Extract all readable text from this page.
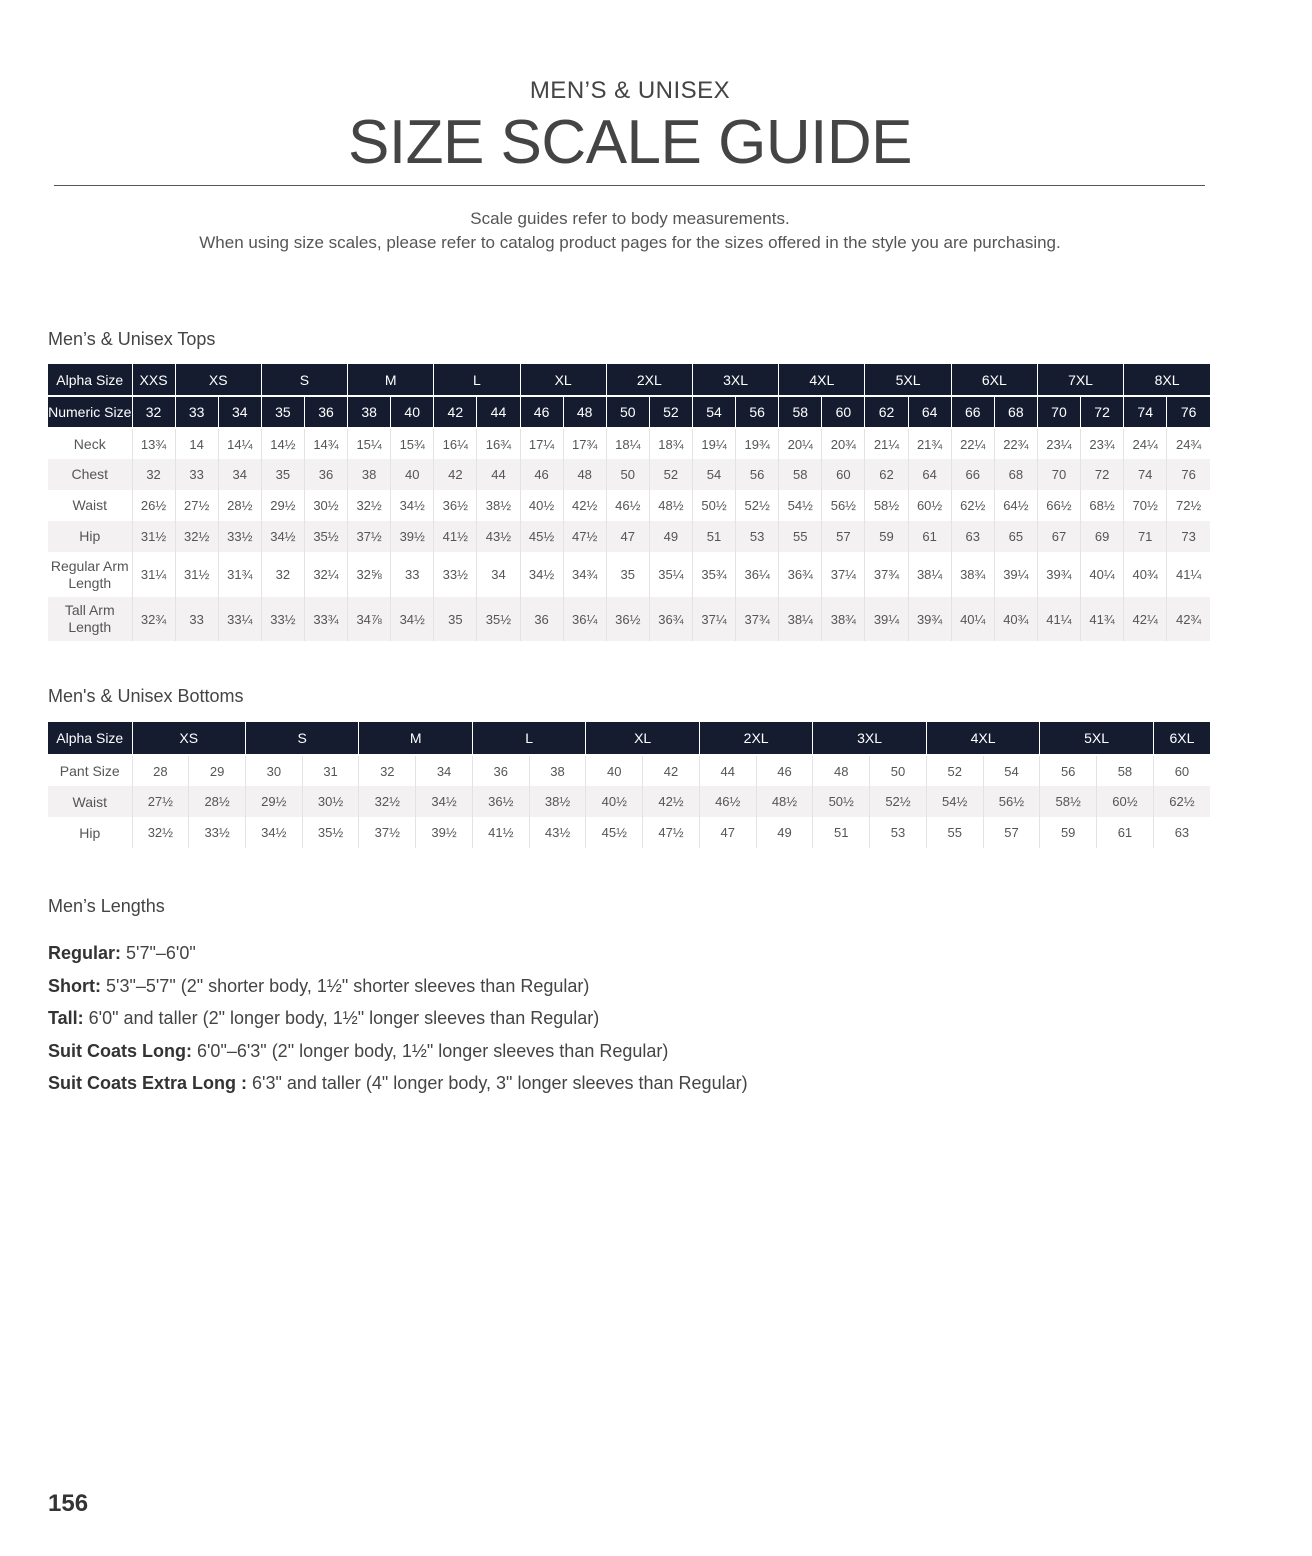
MEN’S & UNISEX
SIZE SCALE GUIDE
Scale guides refer to body measurements.
When using size scales, please refer to catalog product pages for the sizes offered in the style you are purchasing.
Men’s & Unisex Tops
Alpha Size	XXS	XS		S		M		L		XL		2XL		3XL		4XL		5XL		6XL		7XL		8XL	
Numeric Size	32	33	34	35	36	38	40	42	44	46	48	50	52	54	56	58	60	62	64	66	68	70	72	74	76
Neck	13¾	14	14¼	14½	14¾	15¼	15¾	16¼	16¾	17¼	17¾	18¼	18¾	19¼	19¾	20¼	20¾	21¼	21¾	22¼	22¾	23¼	23¾	24¼	24¾
Chest	32	33	34	35	36	38	40	42	44	46	48	50	52	54	56	58	60	62	64	66	68	70	72	74	76
Waist	26½	27½	28½	29½	30½	32½	34½	36½	38½	40½	42½	46½	48½	50½	52½	54½	56½	58½	60½	62½	64½	66½	68½	70½	72½
Hip	31½	32½	33½	34½	35½	37½	39½	41½	43½	45½	47½	47	49	51	53	55	57	59	61	63	65	67	69	71	73
Regular Arm Length	31¼	31½	31¾	32	32¼	32⅝	33	33½	34	34½	34¾	35	35¼	35¾	36¼	36¾	37¼	37¾	38¼	38¾	39¼	39¾	40¼	40¾	41¼
Tall Arm Length	32¾	33	33¼	33½	33¾	34⅞	34½	35	35½	36	36¼	36½	36¾	37¼	37¾	38¼	38¾	39¼	39¾	40¼	40¾	41¼	41¾	42¼	42¾
Men's & Unisex Bottoms
Alpha Size	XS		S		M		L		XL		2XL		3XL		4XL		5XL		6XL
Pant Size	28	29	30	31	32	34	36	38	40	42	44	46	48	50	52	54	56	58	60
Waist	27½	28½	29½	30½	32½	34½	36½	38½	40½	42½	46½	48½	50½	52½	54½	56½	58½	60½	62½
Hip	32½	33½	34½	35½	37½	39½	41½	43½	45½	47½	47	49	51	53	55	57	59	61	63
Men’s Lengths
Regular: 5'7"–6'0"
Short: 5'3"–5'7" (2" shorter body, 1½" shorter sleeves than Regular)
Tall: 6'0" and taller (2" longer body, 1½" longer sleeves than Regular)
Suit Coats Long: 6'0"–6'3" (2" longer body, 1½" longer sleeves than Regular)
Suit Coats Extra Long : 6'3" and taller (4" longer body, 3" longer sleeves than Regular)
156
